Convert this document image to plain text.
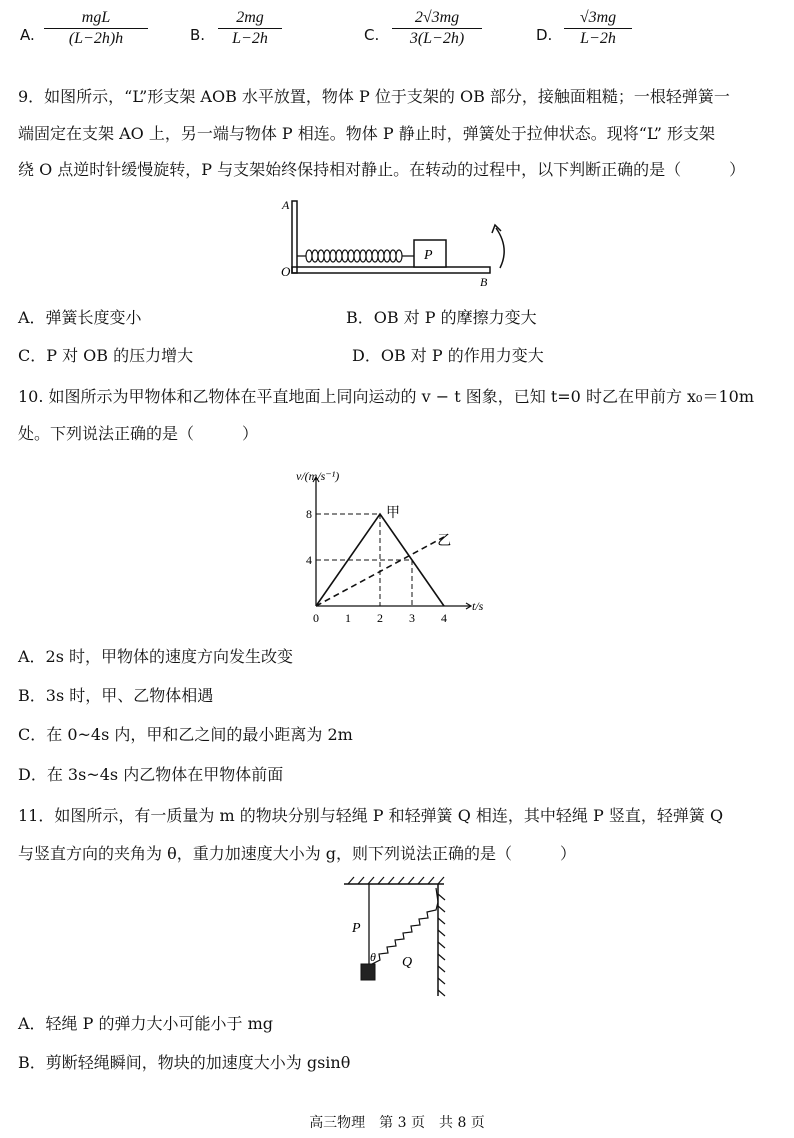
A.
mgL
(L−2h)h	B.
2mg
L−2h	C.
2√3mg
3(L−2h)	D.
√3mg
L−2h
9．如图所示，“L”形支架 AOB 水平放置，物体 P 位于支架的 OB 部分，接触面粗糙；一根轻弹簧一
端固定在支架 AO 上，另一端与物体 P 相连。物体 P 静止时，弹簧处于拉伸状态。现将“L” 形支架
绕 O 点逆时针缓慢旋转，P 与支架始终保持相对静止。在转动的过程中，以下判断正确的是（　　　）
P
A
O
B
A．弹簧长度变小	B．OB 对 P 的摩擦力变大
C．P 对 OB 的压力增大	D．OB 对 P 的作用力变大
10. 如图所示为甲物体和乙物体在平直地面上同向运动的 v − t 图象，已知 t=0 时乙在甲前方 x₀＝10m
处。下列说法正确的是（　　　）
甲
乙
0 1 2 3 4
4
8
v/(m/s⁻¹)
t/s
A．2s 时，甲物体的速度方向发生改变
B．3s 时，甲、乙物体相遇
C．在 0~4s 内，甲和乙之间的最小距离为 2m
D．在 3s~4s 内乙物体在甲物体前面
11．如图所示，有一质量为 m 的物块分别与轻绳 P 和轻弹簧 Q 相连，其中轻绳 P 竖直，轻弹簧 Q
与竖直方向的夹角为 θ，重力加速度大小为 g，则下列说法正确的是（　　　）
P
θ Q
A．轻绳 P 的弹力大小可能小于 mg
B．剪断轻绳瞬间，物块的加速度大小为 gsinθ
高三物理　第 3 页　共 8 页
